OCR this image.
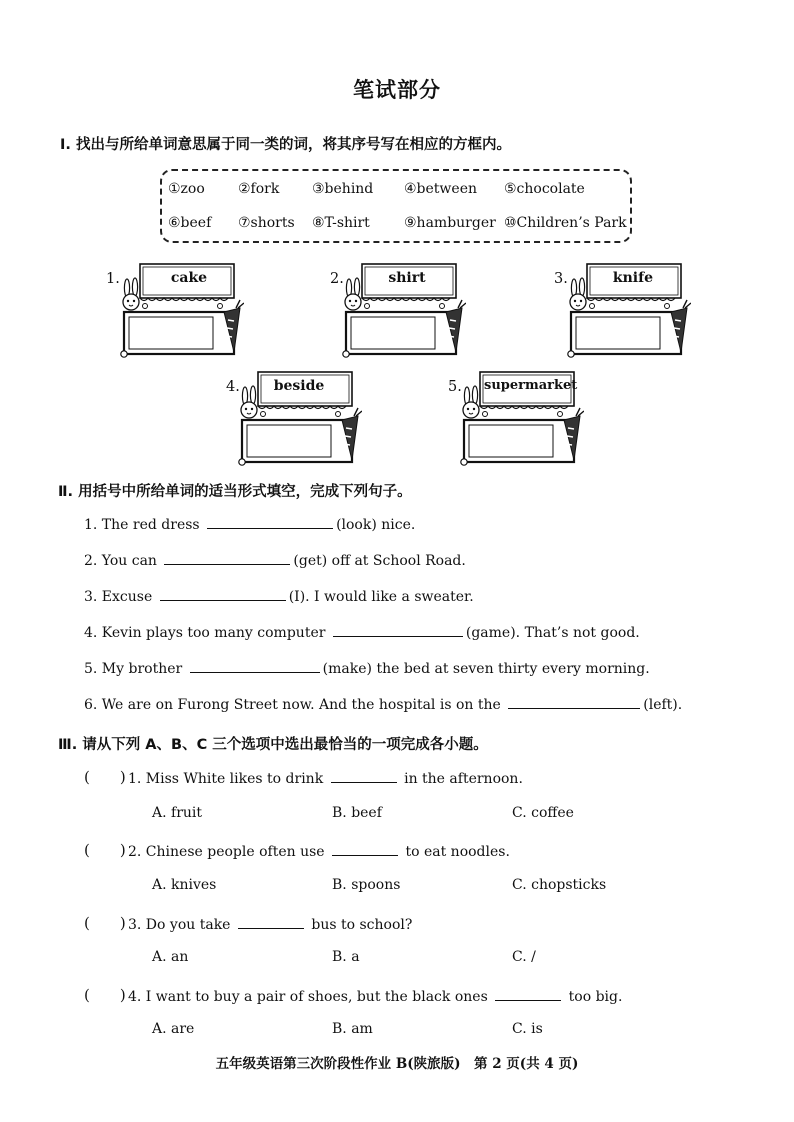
笔试部分
Ⅰ. 找出与所给单词意思属于同一类的词，将其序号写在相应的方框内。
①zoo ②fork ③behind ④between ⑤chocolate
⑥beef ⑦shorts ⑧T-shirt ⑨hamburger ⑩Children’s Park
1.	cake	2.	shirt	3.	knife
4.	beside	5. supermarket
Ⅱ. 用括号中所给单词的适当形式填空，完成下列句子。
1. The red dress	(look) nice.
2. You can	(get) off at School Road.
3. Excuse	(I). I would like a sweater.
4. Kevin plays too many computer	(game). That’s not good.
5. My brother	(make) the bed at seven thirty every morning.
6. We are on Furong Street now. And the hospital is on the	(left).
Ⅲ. 请从下列 A、B、C 三个选项中选出最恰当的一项完成各小题。
(　　) 1. Miss White likes to drink	in the afternoon.
A. fruit	B. beef	C. coffee
(　　) 2. Chinese people often use	to eat noodles.
A. knives	B. spoons	C. chopsticks
(　　) 3. Do you take	bus to school?
A. an	B. a	C. /
(　　) 4. I want to buy a pair of shoes, but the black ones	too big.
A. are	B. am	C. is
五年级英语第三次阶段性作业 B(陕旅版)　第 2 页(共 4 页)
